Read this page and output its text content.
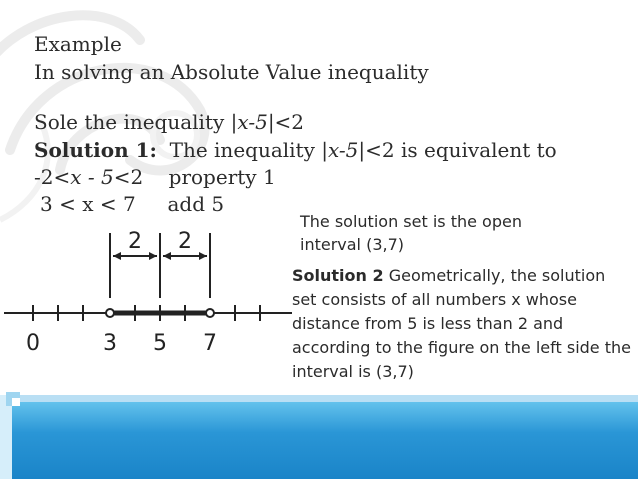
Example
In solving an Absolute Value inequality
Sole the inequality |x-5|<2
Solution 1:  The inequality |x-5|<2 is equivalent to
-2<x - 5<2    property 1
3 < x < 7     add 5
The solution set is the open interval (3,7)
Solution 2 Geometrically, the solution set consists of all numbers x whose distance from 5 is less than 2 and according to the figure on the left side the interval is (3,7)
2 2
0	3 5 7
